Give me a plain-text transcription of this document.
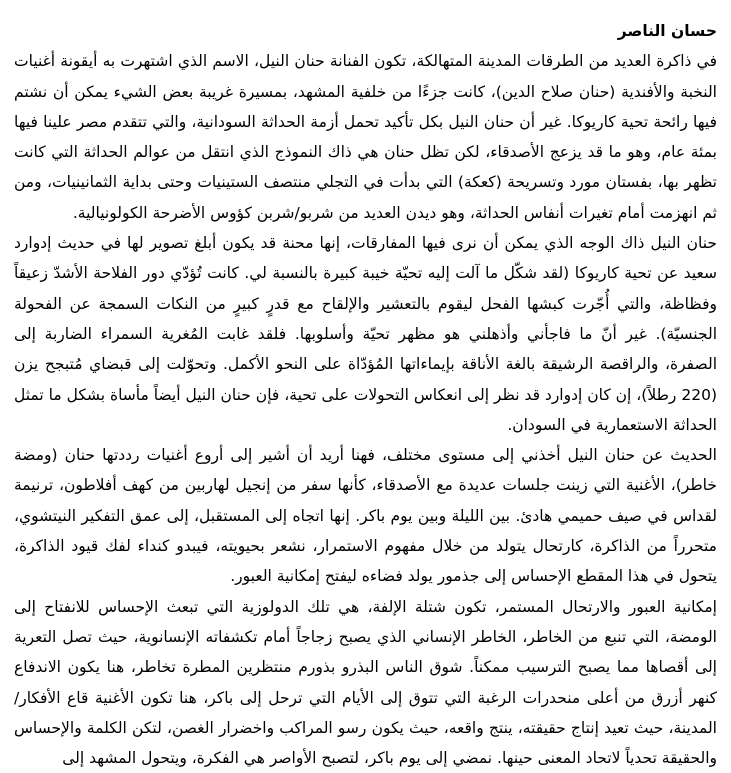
حسان الناصر

في ذاكرة العديد من الطرقات المدينة المتهالكة، تكون الفنانة حنان النيل، الاسم الذي اشتهرت به أيقونة أغنيات النخبة والأفندية (حنان صلاح الدين)، كانت جزءًا من خلفية المشهد، بمسيرة غريبة بعض الشيء يمكن أن نشتم فيها رائحة تحية كاريوكا. غير أن حنان النيل بكل تأكيد تحمل أزمة الحداثة السودانية، والتي تتقدم مصر علينا فيها بمئة عام، وهو ما قد يزعج الأصدقاء، لكن تظل حنان هي ذاك النموذج الذي انتقل من عوالم الحداثة التي كانت تظهر بها، بفستان مورد وتسريحة (كعكة) التي بدأت في التجلي منتصف الستينيات وحتى بداية الثمانينيات، ومن ثم انهزمت أمام تغيرات أنفاس الحداثة، وهو ديدن العديد من شربو/شربن كؤوس الأضرحة الكولونيالية.

حنان النيل ذاك الوجه الذي يمكن أن نرى فيها المفارقات، إنها محنة قد يكون أبلغ تصوير لها في حديث إدوارد سعيد عن تحية كاريوكا (لقد شكّل ما آلت إليه تحيّة خيبة كبيرة بالنسبة لي. كانت تُؤدّي دور الفلاحة الأشدّ زعيقاً وفظاظة، والتي أُجّرت كبشها الفحل ليقوم بالتعشير والإلقاح مع قدرٍ كبيرٍ من النكات السمجة عن الفحولة الجنسيّة). غير أنّ ما فاجأني وأذهلني هو مظهر تحيّة وأسلوبها. فلقد غابت المُغرية السمراء الضاربة إلى الصفرة، والراقصة الرشيقة بالغة الأناقة بإيماءاتها المُؤدّاة على النحو الأكمل. وتحوّلت إلى قبضاي مُتبجح يزن (220 رطلاً)، إن كان إدوارد قد نظر إلى انعكاس التحولات على تحية، فإن حنان النيل أيضاً مأساة بشكل ما تمثل الحداثة الاستعمارية في السودان.

الحديث عن حنان النيل أخذني إلى مستوى مختلف، فهنا أريد أن أشير إلى أروع أغنيات رددتها حنان (ومضة خاطر)، الأغنية التي زينت جلسات عديدة مع الأصدقاء، كأنها سفر من إنجيل لهاربين من كهف أفلاطون، ترنيمة لقداس في صيف حميمي هادئ. بين الليلة وبين يوم باكر. إنها اتجاه إلى المستقبل، إلى عمق التفكير النيتشوي، متحرراً من الذاكرة، كارتحال يتولد من خلال مفهوم الاستمرار، نشعر بحيويته، فيبدو كنداء لفك قيود الذاكرة، يتحول في هذا المقطع الإحساس إلى جذمور يولد فضاءه ليفتح إمكانية العبور.

إمكانية العبور والارتحال المستمر، تكون شتلة الإلفة، هي تلك الدولوزية التي تبعث الإحساس للانفتاح إلى الومضة، التي تنبع من الخاطر، الخاطر الإنساني الذي يصبح زجاجاً أمام تكشفاته الإنسانوية، حيث تصل التعرية إلى أقصاها مما يصبح الترسيب ممكناً. شوق الناس البذرو بذورم منتظرين المطرة تخاطر، هنا يكون الاندفاع كنهر أزرق من أعلى منحدرات الرغبة التي تتوق إلى الأيام التي ترحل إلى باكر، هنا تكون الأغنية قاع الأفكار/ المدينة، حيث تعيد إنتاج حقيقته، ينتج واقعه، حيث يكون رسو المراكب واخضرار الغصن، لتكن الكلمة والإحساس والحقيقة تحدياً لاتحاد المعنى حينها. نمضي إلى يوم باكر، لتصبح الأواصر هي الفكرة، ويتحول المشهد إلى
